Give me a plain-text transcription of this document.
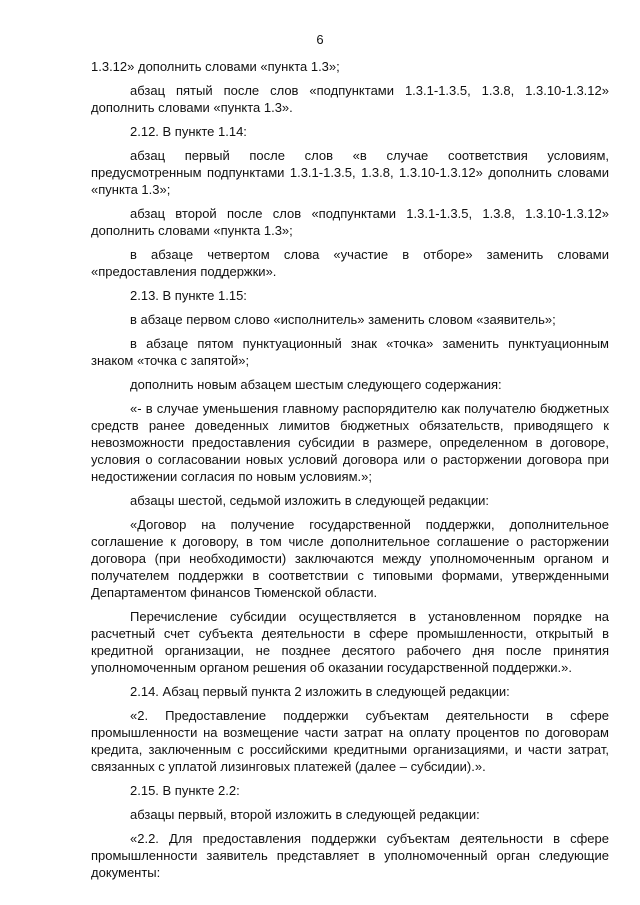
6

1.3.12» дополнить словами «пункта 1.3»;

абзац пятый после слов «подпунктами 1.3.1-1.3.5, 1.3.8, 1.3.10-1.3.12» дополнить словами «пункта 1.3».

2.12. В пункте 1.14:

абзац первый после слов «в случае соответствия условиям, предусмотренным подпунктами 1.3.1-1.3.5, 1.3.8, 1.3.10-1.3.12» дополнить словами «пункта 1.3»;

абзац второй после слов «подпунктами 1.3.1-1.3.5, 1.3.8, 1.3.10-1.3.12» дополнить словами «пункта 1.3»;

в абзаце четвертом слова «участие в отборе» заменить словами «предоставления поддержки».

2.13. В пункте 1.15:

в абзаце первом слово «исполнитель» заменить словом «заявитель»;

в абзаце пятом пунктуационный знак «точка» заменить пунктуационным знаком «точка с запятой»;

дополнить новым абзацем шестым следующего содержания:

«- в случае уменьшения главному распорядителю как получателю бюджетных средств ранее доведенных лимитов бюджетных обязательств, приводящего к невозможности предоставления субсидии в размере, определенном в договоре, условия о согласовании новых условий договора или о расторжении договора при недостижении согласия по новым условиям.»;

абзацы шестой, седьмой изложить в следующей редакции:

«Договор на получение государственной поддержки, дополнительное соглашение к договору, в том числе дополнительное соглашение о расторжении договора (при необходимости) заключаются между уполномоченным органом и получателем поддержки в соответствии с типовыми формами, утвержденными Департаментом финансов Тюменской области.

Перечисление субсидии осуществляется в установленном порядке на расчетный счет субъекта деятельности в сфере промышленности, открытый в кредитной организации, не позднее десятого рабочего дня после принятия уполномоченным органом решения об оказании государственной поддержки.».

2.14. Абзац первый пункта 2 изложить в следующей редакции:

«2. Предоставление поддержки субъектам деятельности в сфере промышленности на возмещение части затрат на оплату процентов по договорам кредита, заключенным с российскими кредитными организациями, и части затрат, связанных с уплатой лизинговых платежей (далее – субсидии).».

2.15. В пункте 2.2:

абзацы первый, второй изложить в следующей редакции:

«2.2. Для предоставления поддержки субъектам деятельности в сфере промышленности заявитель представляет в уполномоченный орган следующие документы:
